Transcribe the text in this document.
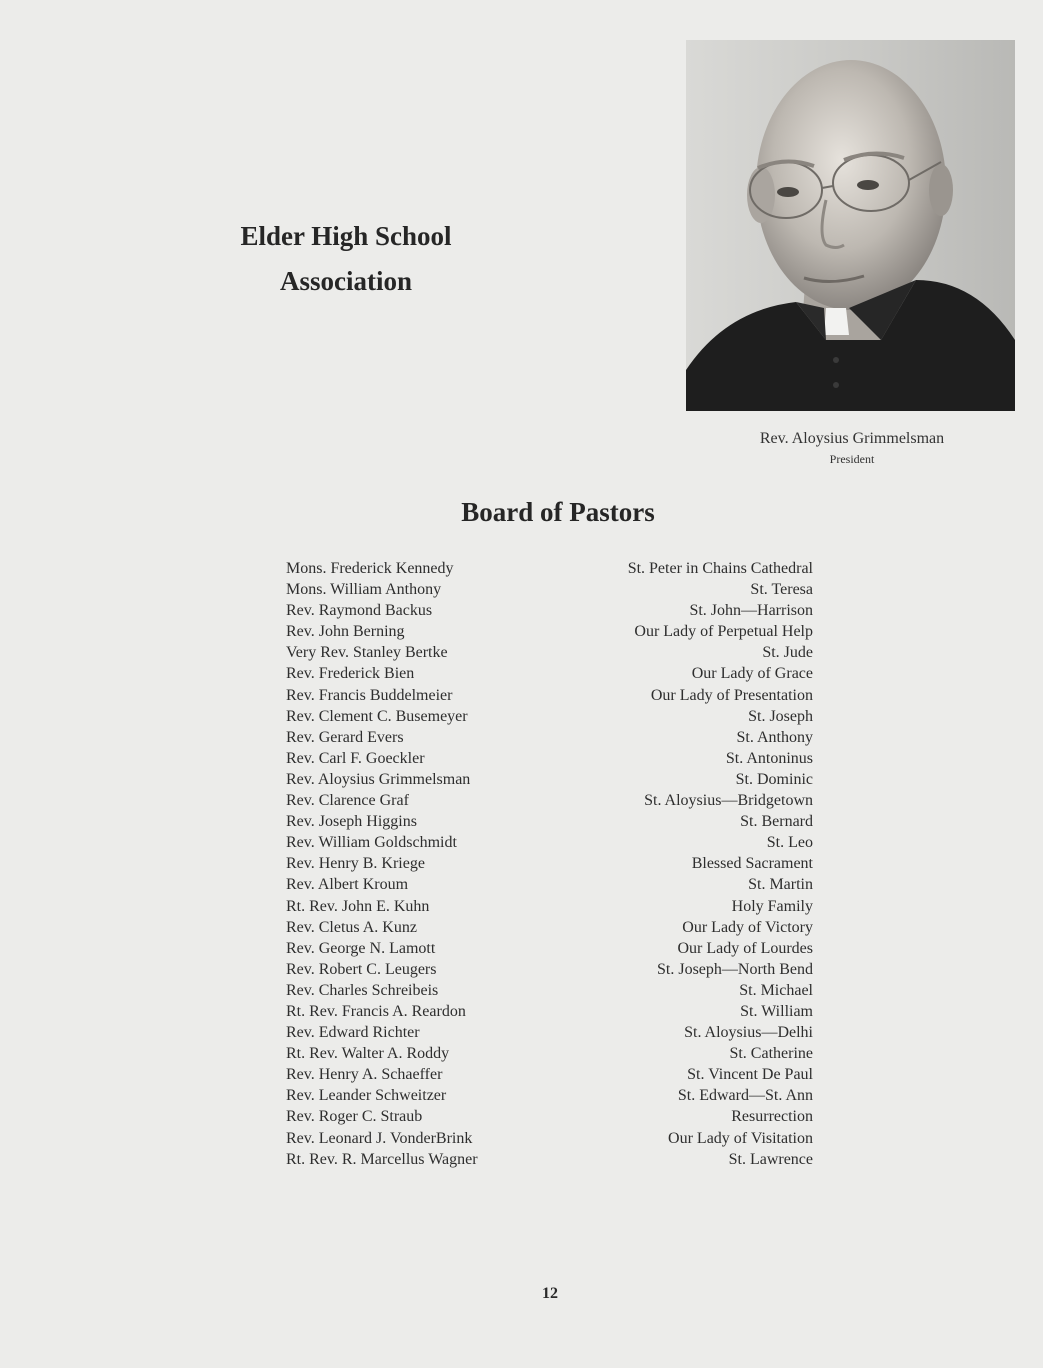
Elder High School
Association
Rev. Aloysius Grimmelsman
President
Board of Pastors
Mons. Frederick Kennedy	St. Peter in Chains Cathedral
Mons. William Anthony	St. Teresa
Rev. Raymond Backus	St. John—Harrison
Rev. John Berning	Our Lady of Perpetual Help
Very Rev. Stanley Bertke	St. Jude
Rev. Frederick Bien	Our Lady of Grace
Rev. Francis Buddelmeier	Our Lady of Presentation
Rev. Clement C. Busemeyer	St. Joseph
Rev. Gerard Evers	St. Anthony
Rev. Carl F. Goeckler	St. Antoninus
Rev. Aloysius Grimmelsman	St. Dominic
Rev. Clarence Graf	St. Aloysius—Bridgetown
Rev. Joseph Higgins	St. Bernard
Rev. William Goldschmidt	St. Leo
Rev. Henry B. Kriege	Blessed Sacrament
Rev. Albert Kroum	St. Martin
Rt. Rev. John E. Kuhn	Holy Family
Rev. Cletus A. Kunz	Our Lady of Victory
Rev. George N. Lamott	Our Lady of Lourdes
Rev. Robert C. Leugers	St. Joseph—North Bend
Rev. Charles Schreibeis	St. Michael
Rt. Rev. Francis A. Reardon	St. William
Rev. Edward Richter	St. Aloysius—Delhi
Rt. Rev. Walter A. Roddy	St. Catherine
Rev. Henry A. Schaeffer	St. Vincent De Paul
Rev. Leander Schweitzer	St. Edward—St. Ann
Rev. Roger C. Straub	Resurrection
Rev. Leonard J. VonderBrink	Our Lady of Visitation
Rt. Rev. R. Marcellus Wagner	St. Lawrence
12
